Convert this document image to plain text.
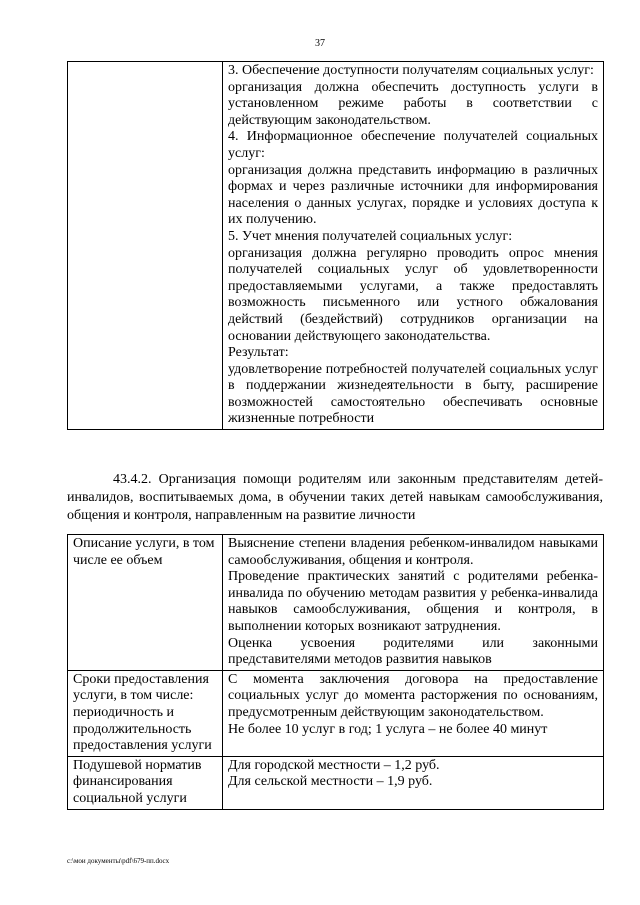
37

3. Обеспечение доступности получателям социальных услуг:

организация должна обеспечить доступность услуги в установленном режиме работы в соответствии с действующим законодательством.

4. Информационное обеспечение получателей социальных услуг:

организация должна представить информацию в различных формах и через различные источники для информирования населения о данных услугах, порядке и условиях доступа к их получению.

5. Учет мнения получателей социальных услуг:

организация должна регулярно проводить опрос мнения получателей социальных услуг об удовлетворенности предоставляемыми услугами, а также предоставлять возможность письменного или устного обжалования действий (бездействий) сотрудников организации на основании действующего законодательства.

Результат:

удовлетворение потребностей получателей социальных услуг в поддержании жизнедеятельности в быту, расширение возможностей самостоятельно обеспечивать основные жизненные потребности

43.4.2. Организация помощи родителям или законным представителям детей-инвалидов, воспитываемых дома, в обучении таких детей навыкам самообслуживания, общения и контроля, направленным на развитие личности
Описание услуги, в том числе ее объем	Выяснение степени владения ребенком-инвалидом навыками самообслуживания, общения и контроля.

Проведение практических занятий с родителями ребенка-инвалида по обучению методам развития у ребенка-инвалида навыков самообслуживания, общения и контроля, в выполнении которых возникают затруднения.

Оценка усвоения родителями или законными представителями методов развития навыков

Сроки предоставления услуги, в том числе: периодичность и продолжительность предоставления услуги	С момента заключения договора на предоставление социальных услуг до момента расторжения по основаниям, предусмотренным действующим законодательством.

Не более 10 услуг в год; 1 услуга – не более 40 минут

Подушевой норматив финансирования социальной услуги	Для городской местности – 1,2 руб.

Для сельской местности – 1,9 руб.

c:\мои документы\pdf\679-пп.docx
